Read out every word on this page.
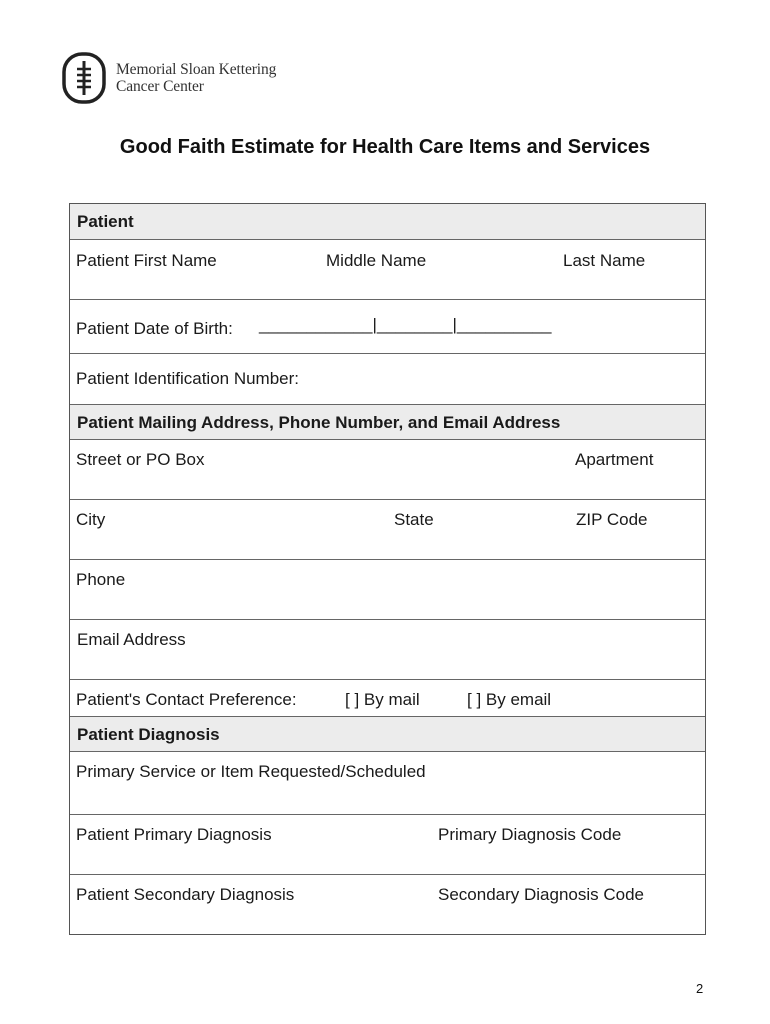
Memorial Sloan Kettering
Cancer Center
Good Faith Estimate for Health Care Items and Services
Patient
Patient First Name	Middle Name	Last Name
Patient Date of Birth: ____________|________|__________
Patient Identification Number:
Patient Mailing Address, Phone Number, and Email Address
Street or PO Box	Apartment
City	State	ZIP Code
Phone
Email Address
Patient's Contact Preference:	[ ] By mail	[ ] By email
Patient Diagnosis
Primary Service or Item Requested/Scheduled
Patient Primary Diagnosis	Primary Diagnosis Code
Patient Secondary Diagnosis	Secondary Diagnosis Code
2
